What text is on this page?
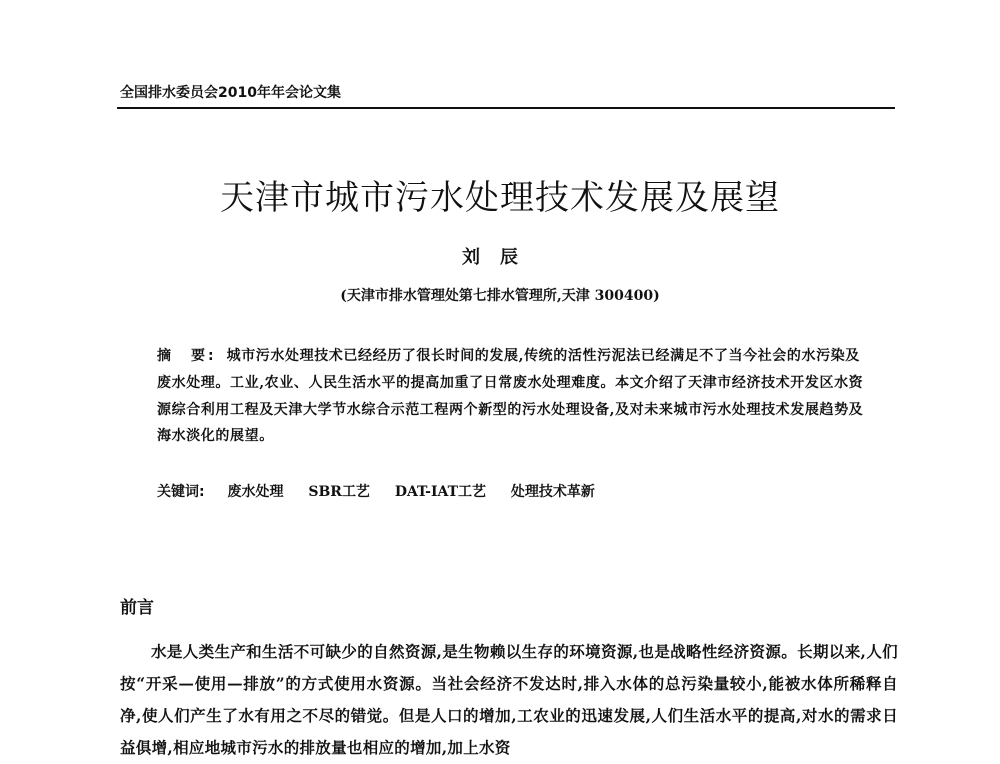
全国排水委员会2010年年会论文集
天津市城市污水处理技术发展及展望
刘辰
(天津市排水管理处第七排水管理所,天津 300400)
摘　要: 城市污水处理技术已经经历了很长时间的发展,传统的活性污泥法已经满足不了当今社会的水污染及废水处理。工业,农业、人民生活水平的提高加重了日常废水处理难度。本文介绍了天津市经济技术开发区水资源综合利用工程及天津大学节水综合示范工程两个新型的污水处理设备,及对未来城市污水处理技术发展趋势及海水淡化的展望。
关键词: 废水处理 SBR工艺 DAT-IAT工艺 处理技术革新
前言
水是人类生产和生活不可缺少的自然资源,是生物赖以生存的环境资源,也是战略性经济资源。长期以来,人们按“开采—使用—排放”的方式使用水资源。当社会经济不发达时,排入水体的总污染量较小,能被水体所稀释自净,使人们产生了水有用之不尽的错觉。但是人口的增加,工农业的迅速发展,人们生活水平的提高,对水的需求日益俱增,相应地城市污水的排放量也相应的增加,加上水资
